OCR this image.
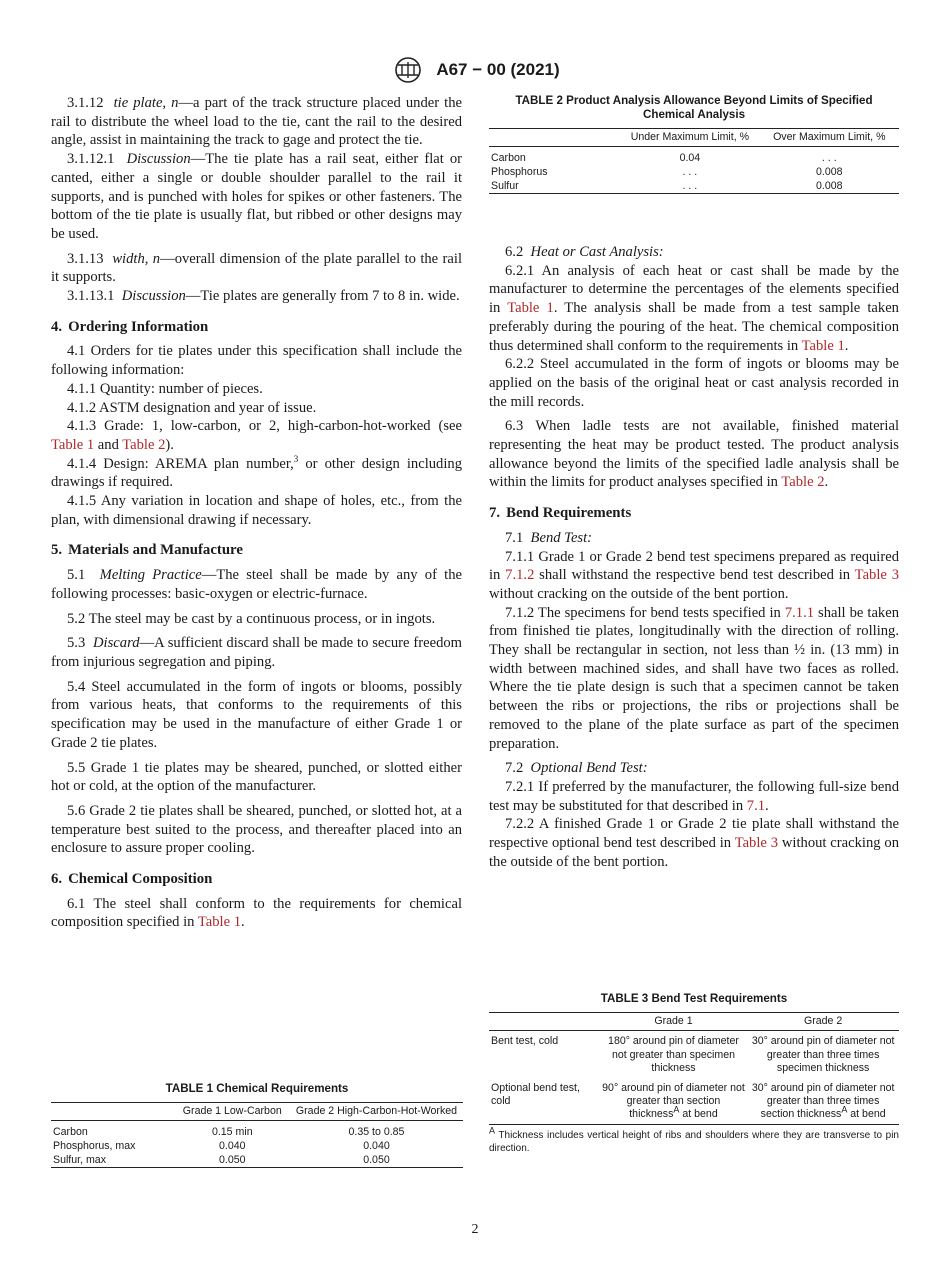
A67 − 00 (2021)

3.1.12 tie plate, n—a part of the track structure placed under the rail to distribute the wheel load to the tie, cant the rail to the desired angle, assist in maintaining the track to gage and protect the tie.

3.1.12.1 Discussion—The tie plate has a rail seat, either flat or canted, either a single or double shoulder parallel to the rail it supports, and is punched with holes for spikes or other fasteners. The bottom of the tie plate is usually flat, but ribbed or other designs may be used.

3.1.13 width, n—overall dimension of the plate parallel to the rail it supports.

3.1.13.1 Discussion—Tie plates are generally from 7 to 8 in. wide.

4. Ordering Information

4.1 Orders for tie plates under this specification shall include the following information:

4.1.1 Quantity: number of pieces.

4.1.2 ASTM designation and year of issue.

4.1.3 Grade: 1, low-carbon, or 2, high-carbon-hot-worked (see Table 1 and Table 2).

4.1.4 Design: AREMA plan number,$^3$ or other design including drawings if required.

4.1.5 Any variation in location and shape of holes, etc., from the plan, with dimensional drawing if necessary.

5. Materials and Manufacture

5.1 Melting Practice—The steel shall be made by any of the following processes: basic-oxygen or electric-furnace.

5.2 The steel may be cast by a continuous process, or in ingots.

5.3 Discard—A sufficient discard shall be made to secure freedom from injurious segregation and piping.

5.4 Steel accumulated in the form of ingots or blooms, possibly from various heats, that conforms to the requirements of this specification may be used in the manufacture of either Grade 1 or Grade 2 tie plates.

5.5 Grade 1 tie plates may be sheared, punched, or slotted either hot or cold, at the option of the manufacturer.

5.6 Grade 2 tie plates shall be sheared, punched, or slotted hot, at a temperature best suited to the process, and thereafter placed into an enclosure to assure proper cooling.

6. Chemical Composition

6.1 The steel shall conform to the requirements for chemical composition specified in Table 1.

TABLE 2 Product Analysis Allowance Beyond Limits of Specified Chemical Analysis
	Under Maximum Limit, %	Over Maximum Limit, %
Carbon	0.04	. . .
Phosphorus	. . .	0.008
Sulfur	. . .	0.008

6.2 Heat or Cast Analysis:

6.2.1 An analysis of each heat or cast shall be made by the manufacturer to determine the percentages of the elements specified in Table 1. The analysis shall be made from a test sample taken preferably during the pouring of the heat. The chemical composition thus determined shall conform to the requirements in Table 1.

6.2.2 Steel accumulated in the form of ingots or blooms may be applied on the basis of the original heat or cast analysis recorded in the mill records.

6.3 When ladle tests are not available, finished material representing the heat may be product tested. The product analysis allowance beyond the limits of the specified ladle analysis shall be within the limits for product analyses specified in Table 2.

7. Bend Requirements

7.1 Bend Test:

7.1.1 Grade 1 or Grade 2 bend test specimens prepared as required in 7.1.2 shall withstand the respective bend test described in Table 3 without cracking on the outside of the bent portion.

7.1.2 The specimens for bend tests specified in 7.1.1 shall be taken from finished tie plates, longitudinally with the direction of rolling. They shall be rectangular in section, not less than ½ in. (13 mm) in width between machined sides, and shall have two faces as rolled. Where the tie plate design is such that a specimen cannot be taken between the ribs or projections, the ribs or projections shall be removed to the plane of the plate surface as part of the specimen preparation.

7.2 Optional Bend Test:

7.2.1 If preferred by the manufacturer, the following full-size bend test may be substituted for that described in 7.1.

7.2.2 A finished Grade 1 or Grade 2 tie plate shall withstand the respective optional bend test described in Table 3 without cracking on the outside of the bent portion.

TABLE 3 Bend Test Requirements
	Grade 1	Grade 2
Bent test, cold	180° around pin of diameter not greater than specimen thickness	30° around pin of diameter not greater than three times specimen thickness
Optional bend test, cold	90° around pin of diameter not greater than section thickness$^A$ at bend	30° around pin of diameter not greater than three times section thickness$^A$ at bend
$^A$ Thickness includes vertical height of ribs and shoulders where they are transverse to pin direction.
TABLE 1 Chemical Requirements
	Grade 1 Low-Carbon	Grade 2 High-Carbon-Hot-Worked
Carbon	0.15 min	0.35 to 0.85
Phosphorus, max	0.040	0.040
Sulfur, max	0.050	0.050
2
